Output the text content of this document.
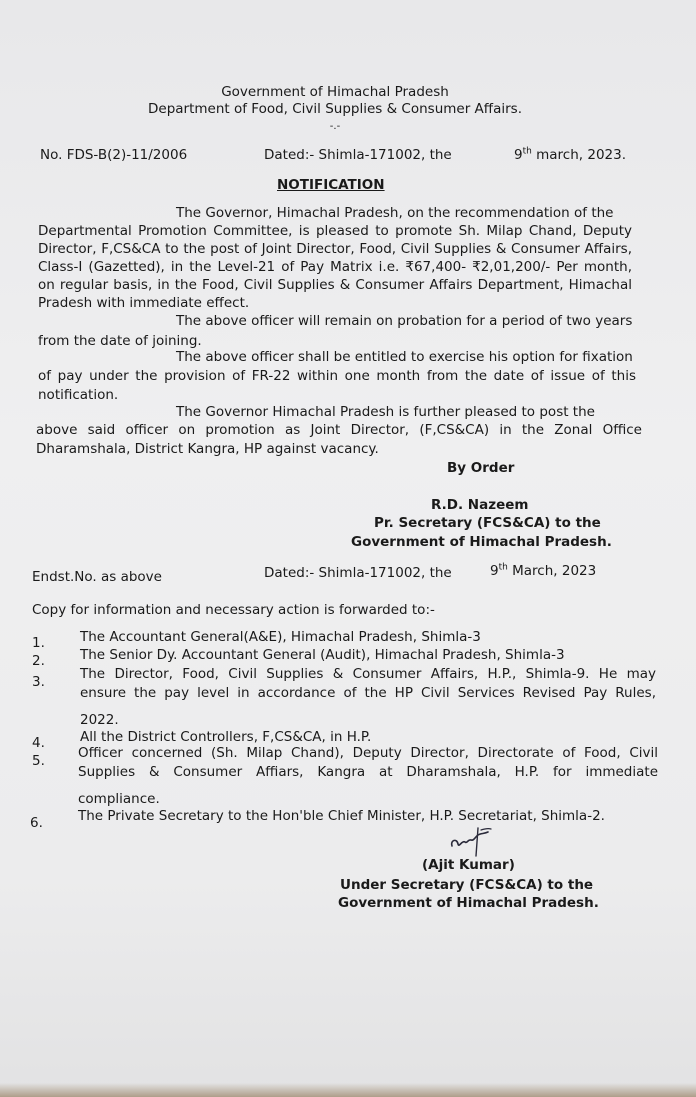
Government of Himachal Pradesh
Department of Food, Civil Supplies & Consumer Affairs.
-.-
No. FDS-B(2)-11/2006	Dated:- Shimla-171002, the	9th march, 2023.
NOTIFICATION
The Governor, Himachal Pradesh, on the recommendation of the
Departmental Promotion Committee, is pleased to promote Sh. Milap Chand, Deputy
Director, F,CS&CA to the post of Joint Director, Food, Civil Supplies & Consumer Affairs,
Class-I (Gazetted), in the Level-21 of Pay Matrix i.e. ₹67,400- ₹2,01,200/- Per month,
on regular basis, in the Food, Civil Supplies & Consumer Affairs Department, Himachal
Pradesh with immediate effect.
The above officer will remain on probation for a period of two years
from the date of joining.
The above officer shall be entitled to exercise his option for fixation
of pay under the provision of FR-22 within one month from the date of issue of this
notification.
The Governor Himachal Pradesh is further pleased to post the
above said officer on promotion as Joint Director, (F,CS&CA) in the Zonal Office
Dharamshala, District Kangra, HP against vacancy.
By Order
R.D. Nazeem
Pr. Secretary (FCS&CA) to the
Government of Himachal Pradesh.
Endst.No. as above	Dated:- Shimla-171002, the	9th March, 2023
Copy for information and necessary action is forwarded to:-
1.	The Accountant General(A&E), Himachal Pradesh, Shimla-3
2.	The Senior Dy. Accountant General (Audit), Himachal Pradesh, Shimla-3
3.	The Director, Food, Civil Supplies & Consumer Affairs, H.P., Shimla-9. He may
ensure the pay level in accordance of the HP Civil Services Revised Pay Rules,
2022.
4.	All the District Controllers, F,CS&CA, in H.P.
5. Officer concerned (Sh. Milap Chand), Deputy Director, Directorate of Food, Civil
Supplies & Consumer Affiars, Kangra at Dharamshala, H.P. for immediate
compliance.
6.	The Private Secretary to the Hon'ble Chief Minister, H.P. Secretariat, Shimla-2.
(Ajit Kumar)
Under Secretary (FCS&CA) to the
Government of Himachal Pradesh.
